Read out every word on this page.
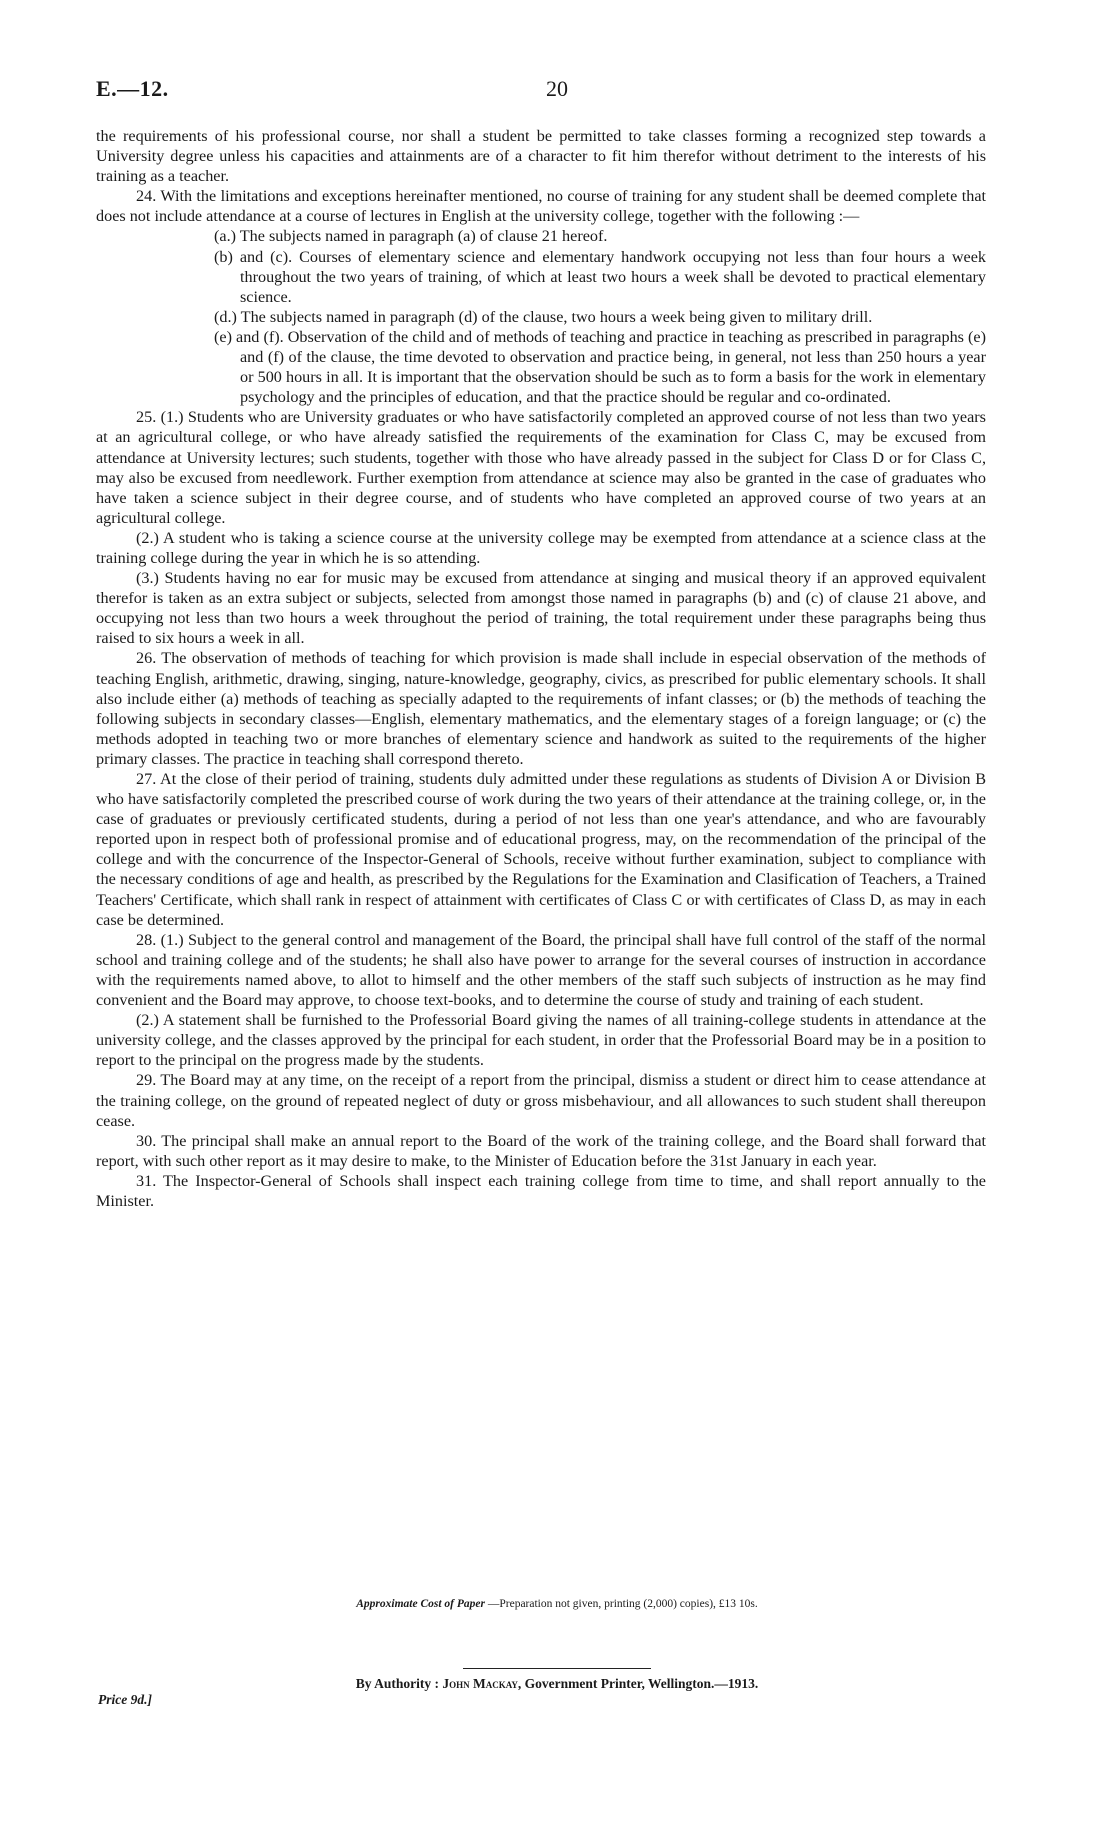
E.—12.	20

the requirements of his professional course, nor shall a student be permitted to take classes forming a recognized step towards a University degree unless his capacities and attainments are of a character to fit him therefor without detriment to the interests of his training as a teacher.

24. With the limitations and exceptions hereinafter mentioned, no course of training for any student shall be deemed complete that does not include attendance at a course of lectures in English at the university college, together with the following :—

(a.) The subjects named in paragraph (a) of clause 21 hereof.

(b) and (c). Courses of elementary science and elementary handwork occupying not less than four hours a week throughout the two years of training, of which at least two hours a week shall be devoted to practical elementary science.

(d.) The subjects named in paragraph (d) of the clause, two hours a week being given to military drill.

(e) and (f). Observation of the child and of methods of teaching and practice in teaching as prescribed in paragraphs (e) and (f) of the clause, the time devoted to observation and practice being, in general, not less than 250 hours a year or 500 hours in all. It is important that the observation should be such as to form a basis for the work in elementary psychology and the principles of education, and that the practice should be regular and co-ordinated.

25. (1.) Students who are University graduates or who have satisfactorily completed an approved course of not less than two years at an agricultural college, or who have already satisfied the requirements of the examination for Class C, may be excused from attendance at University lectures; such students, together with those who have already passed in the subject for Class D or for Class C, may also be excused from needlework. Further exemption from attendance at science may also be granted in the case of graduates who have taken a science subject in their degree course, and of students who have completed an approved course of two years at an agricultural college.

(2.) A student who is taking a science course at the university college may be exempted from attendance at a science class at the training college during the year in which he is so attending.

(3.) Students having no ear for music may be excused from attendance at singing and musical theory if an approved equivalent therefor is taken as an extra subject or subjects, selected from amongst those named in paragraphs (b) and (c) of clause 21 above, and occupying not less than two hours a week throughout the period of training, the total requirement under these paragraphs being thus raised to six hours a week in all.

26. The observation of methods of teaching for which provision is made shall include in especial observation of the methods of teaching English, arithmetic, drawing, singing, nature-knowledge, geography, civics, as prescribed for public elementary schools. It shall also include either (a) methods of teaching as specially adapted to the requirements of infant classes; or (b) the methods of teaching the following subjects in secondary classes—English, elementary mathematics, and the elementary stages of a foreign language; or (c) the methods adopted in teaching two or more branches of elementary science and handwork as suited to the requirements of the higher primary classes. The practice in teaching shall correspond thereto.

27. At the close of their period of training, students duly admitted under these regulations as students of Division A or Division B who have satisfactorily completed the prescribed course of work during the two years of their attendance at the training college, or, in the case of graduates or previously certificated students, during a period of not less than one year's attendance, and who are favourably reported upon in respect both of professional promise and of educational progress, may, on the recommendation of the principal of the college and with the concurrence of the Inspector-General of Schools, receive without further examination, subject to compliance with the necessary conditions of age and health, as prescribed by the Regulations for the Examination and Clasification of Teachers, a Trained Teachers' Certificate, which shall rank in respect of attainment with certificates of Class C or with certificates of Class D, as may in each case be determined.

28. (1.) Subject to the general control and management of the Board, the principal shall have full control of the staff of the normal school and training college and of the students; he shall also have power to arrange for the several courses of instruction in accordance with the requirements named above, to allot to himself and the other members of the staff such subjects of instruction as he may find convenient and the Board may approve, to choose text-books, and to determine the course of study and training of each student.

(2.) A statement shall be furnished to the Professorial Board giving the names of all training-college students in attendance at the university college, and the classes approved by the principal for each student, in order that the Professorial Board may be in a position to report to the principal on the progress made by the students.

29. The Board may at any time, on the receipt of a report from the principal, dismiss a student or direct him to cease attendance at the training college, on the ground of repeated neglect of duty or gross misbehaviour, and all allowances to such student shall thereupon cease.

30. The principal shall make an annual report to the Board of the work of the training college, and the Board shall forward that report, with such other report as it may desire to make, to the Minister of Education before the 31st January in each year.

31. The Inspector-General of Schools shall inspect each training college from time to time, and shall report annually to the Minister.

Approximate Cost of Paper —Preparation not given, printing (2,000) copies), £13 10s.
By Authority : John Mackay, Government Printer, Wellington.—1913.
Price 9d.]
